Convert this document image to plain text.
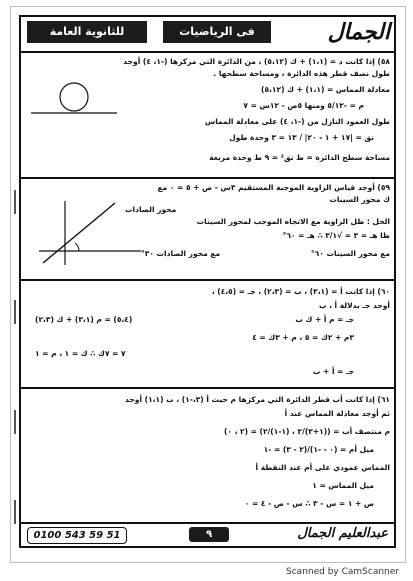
للثانوية العامة	فى الرياضيات	الجمال
٥٨) إذا كانت د = (١،١) + ك (٥،١٢) ، من الدائرة التي مركزها (-١، ٤) أوجد
طول نصف قطر هذه الدائرة ، ومساحة سطحها .
معادلة المماس = (١،١) + ك (٥،١٢)
م = -٥/١٢ ومنها ٥ص - ١٢س = ٧
طول العمود النازل من (-١، ٤) على معادلة المماس
نق = |١٧ + ١ - ٢٠| / ١٣ = ٣ وحدة طول
مساحة سطح الدائرة = ط نق² = ٩ ط وحدة مربعة
٥٩) أوجد قياس الزاوية الموجبة المستقيم ٣س - ص + ٥ = ٠ مع
ك محور السينات
محور الصادات
الحل : ظل الزاوية مع الاتجاه الموجب لمحور السينات
ظا هـ = ٣ = √٣/١ ∴ هـ = ٦٠°
مع محور السينات ٦٠°
مع محور الصادات ٣٠°
٦٠) إذا كانت أ = (٣،١) ، ب = (٢،٣) ، جـ = (٤،٥) ،
أوجد جـ بدلالة أ ، ب
جـ = م أ + ك ب
(٥،٤) = م (٣،١) + ك (٢،٣)
٣م + ٢ك = ٥ ، م + ٣ك = ٤
٧ = ٧ك ∴ ك = ١ ، م = ١
جـ = أ + ب
٦١) إذا كانت أب قطر الدائرة التي مركزها م حيث أ (٣،-١) ، ب (١،١) أوجد
ثم أوجد معادلة المماس عند أ
م منتصف أب = ((١+٣)/٢ ، (١-١)/٢) = (٢ ، ٠)
ميل أم = (٠ - -١)/(٢ - ٣) = -١
المماس عمودي على أم عند النقطة أ
ميل المماس = ١
ص + ١ = س - ٣ ∴ س - ص - ٤ = ٠
0100 543 59 51	٩	عبدالعليم الجمال
Scanned by CamScanner
